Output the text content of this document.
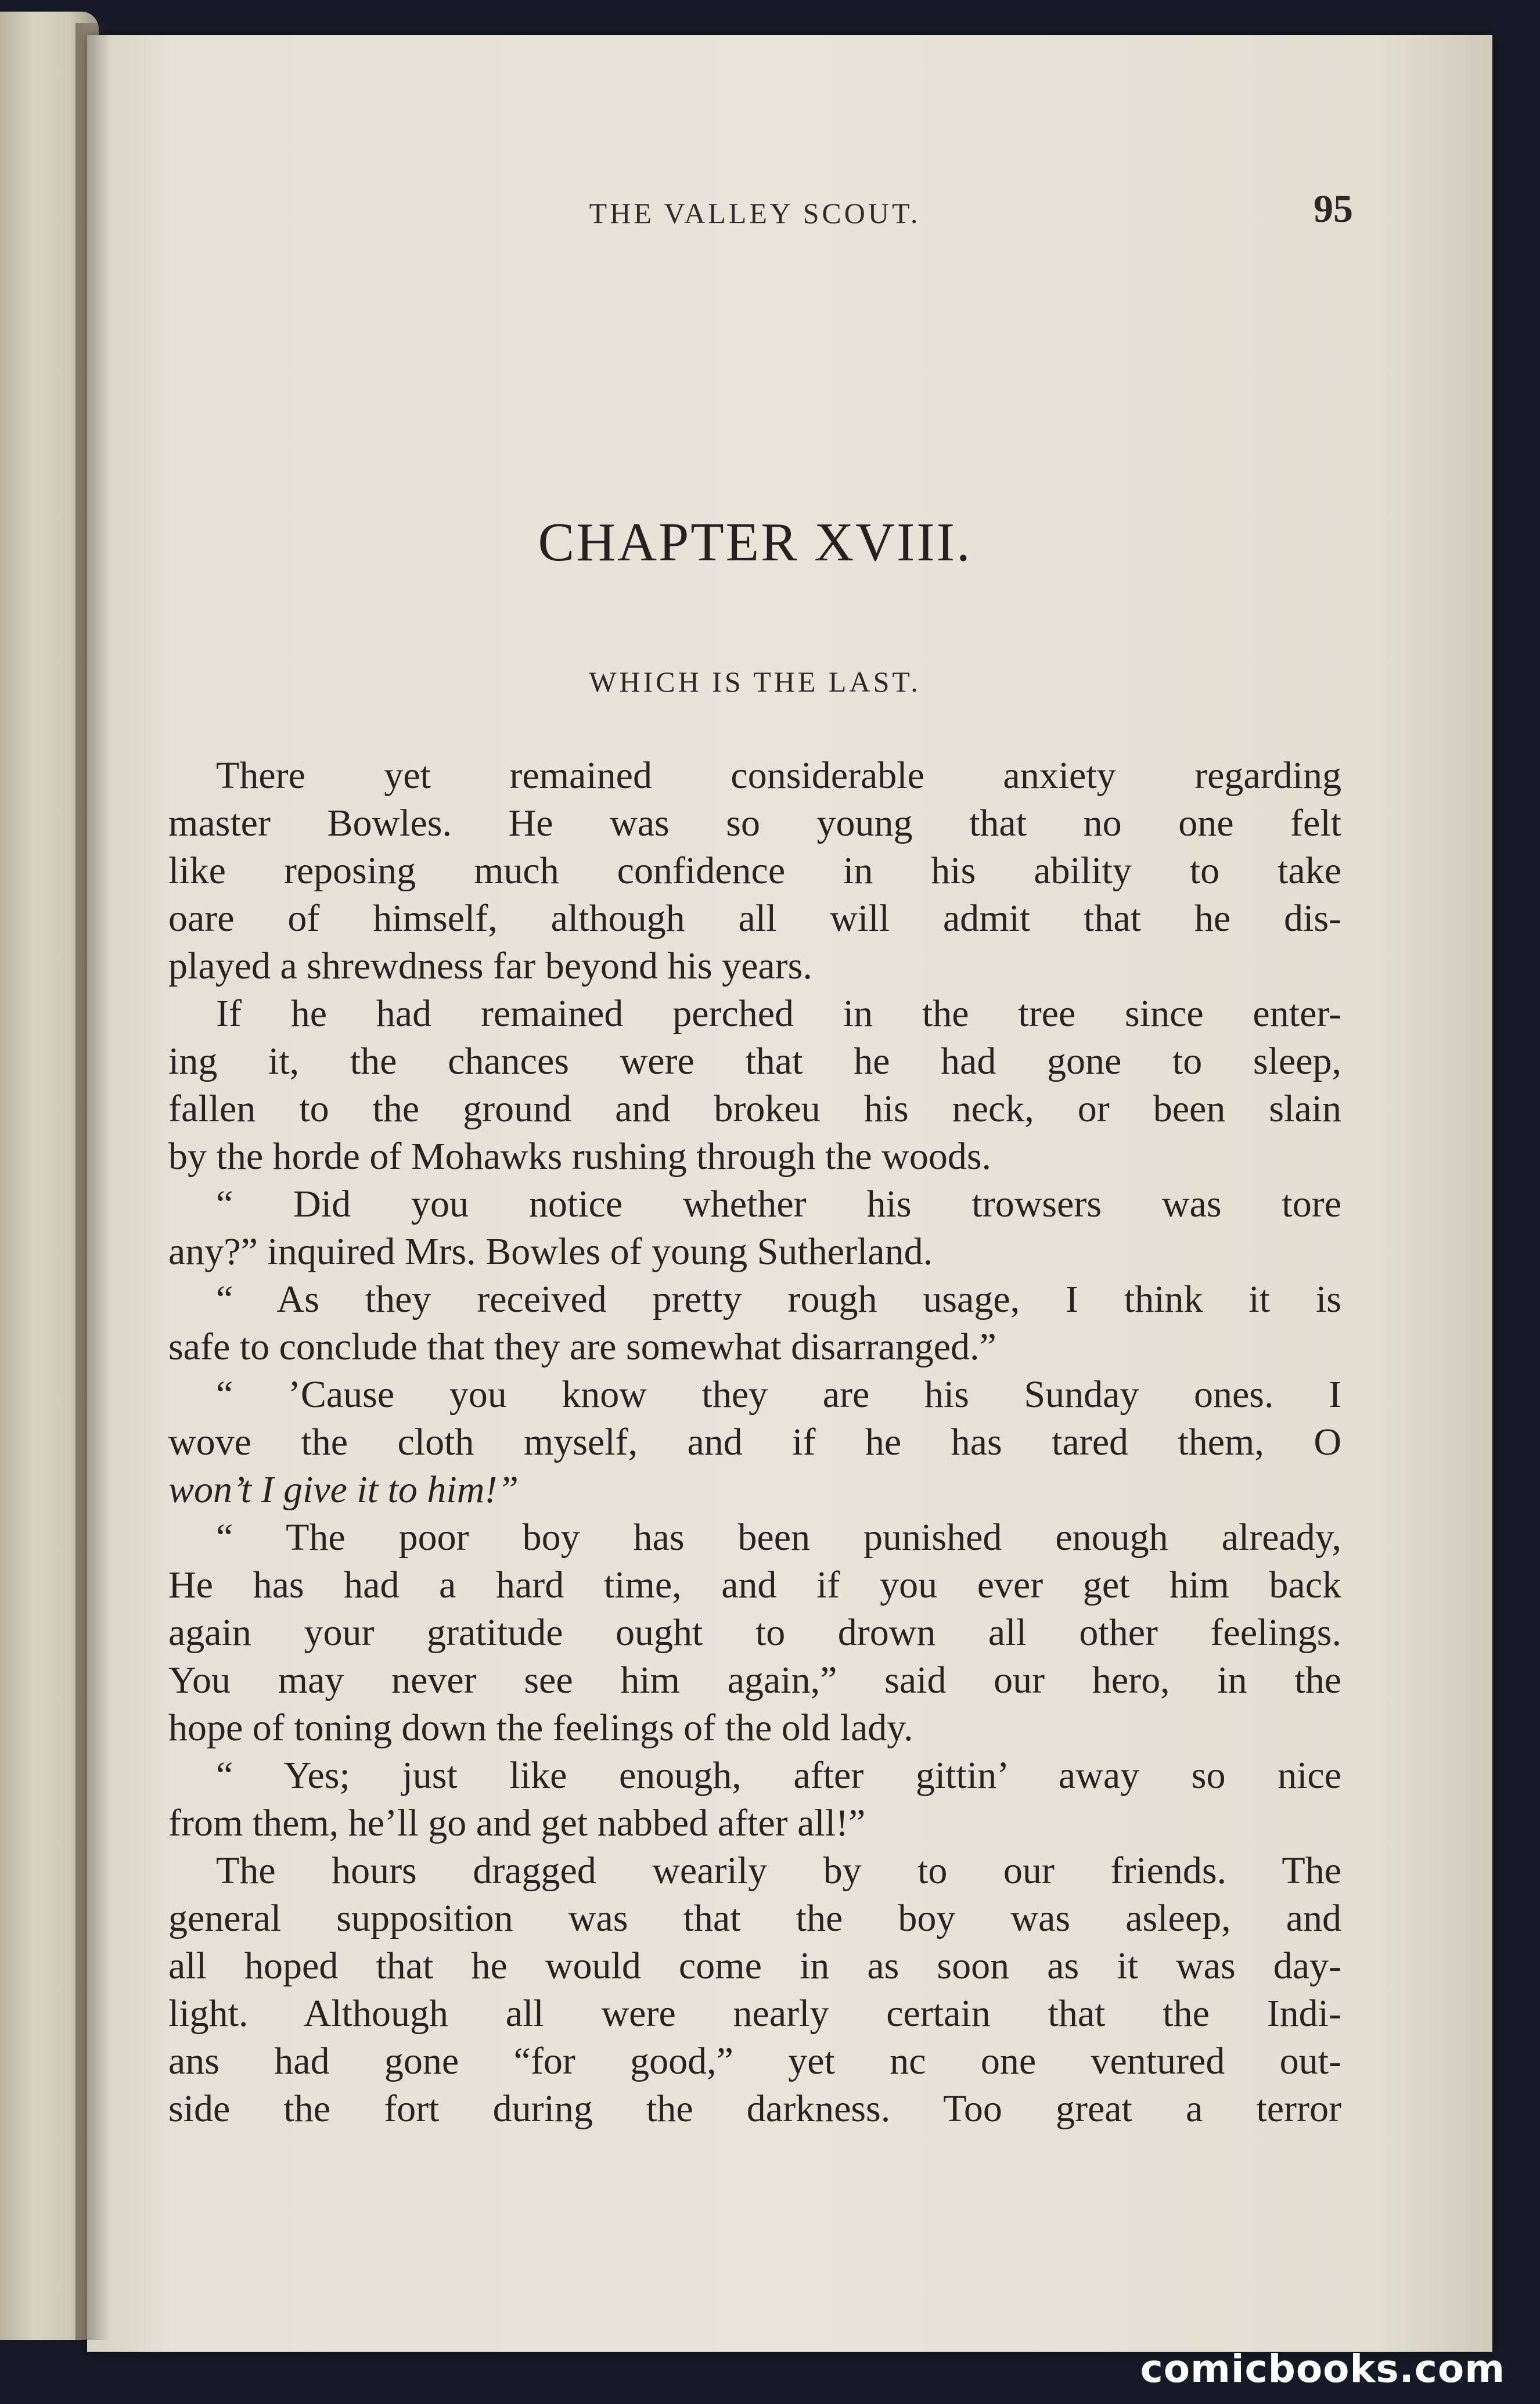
THE VALLEY SCOUT.	95
CHAPTER XVIII.
WHICH IS THE LAST.
There yet remained considerable anxiety regarding
master Bowles. He was so young that no one felt
like reposing much confidence in his ability to take
oare of himself, although all will admit that he dis-
played a shrewdness far beyond his years.
If he had remained perched in the tree since enter-
ing it, the chances were that he had gone to sleep,
fallen to the ground and brokeu his neck, or been slain
by the horde of Mohawks rushing through the woods.
“ Did you notice whether his trowsers was tore
any?” inquired Mrs. Bowles of young Sutherland.
“ As they received pretty rough usage, I think it is
safe to conclude that they are somewhat disarranged.”
“ ’Cause you know they are his Sunday ones. I
wove the cloth myself, and if he has tared them, O
won’t I give it to him!”
“ The poor boy has been punished enough already,
He has had a hard time, and if you ever get him back
again your gratitude ought to drown all other feelings.
You may never see him again,” said our hero, in the
hope of toning down the feelings of the old lady.
“ Yes; just like enough, after gittin’ away so nice
from them, he’ll go and get nabbed after all!”
The hours dragged wearily by to our friends. The
general supposition was that the boy was asleep, and
all hoped that he would come in as soon as it was day-
light. Although all were nearly certain that the Indi-
ans had gone “for good,” yet nc one ventured out-
side the fort during the darkness. Too great a terror
comicbooks.com
